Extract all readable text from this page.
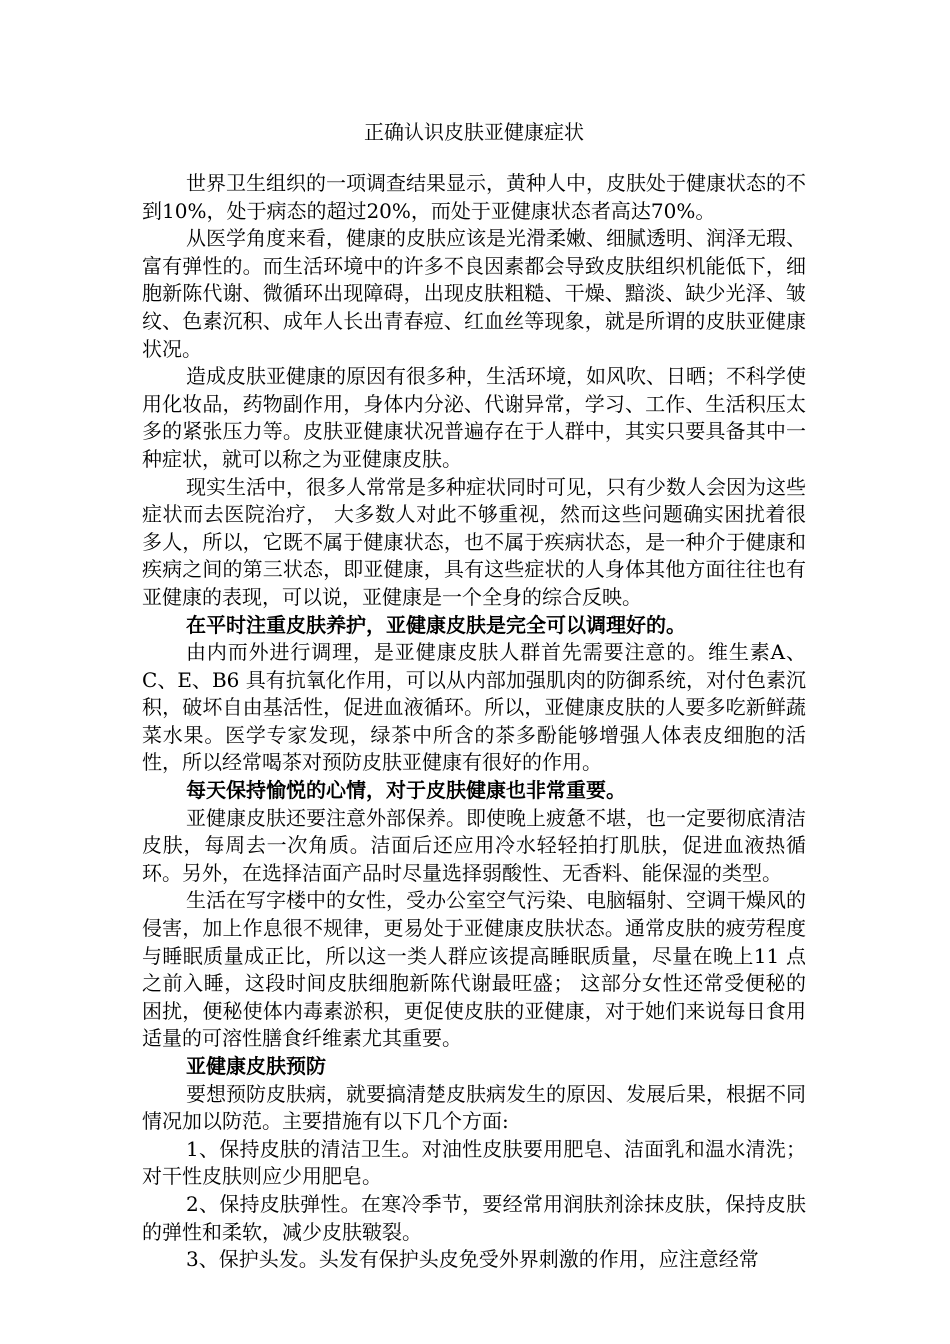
正确认识皮肤亚健康症状

世界卫生组织的一项调查结果显示，黄种人中，皮肤处于健康状态的不到10%，处于病态的超过20%，而处于亚健康状态者高达70%。

从医学角度来看，健康的皮肤应该是光滑柔嫩、细腻透明、润泽无瑕、富有弹性的。而生活环境中的许多不良因素都会导致皮肤组织机能低下，细胞新陈代谢、微循环出现障碍，出现皮肤粗糙、干燥、黯淡、缺少光泽、皱纹、色素沉积、成年人长出青春痘、红血丝等现象，就是所谓的皮肤亚健康状况。

造成皮肤亚健康的原因有很多种，生活环境，如风吹、日晒；不科学使用化妆品，药物副作用，身体内分泌、代谢异常，学习、工作、生活积压太多的紧张压力等。皮肤亚健康状况普遍存在于人群中，其实只要具备其中一种症状，就可以称之为亚健康皮肤。

现实生活中，很多人常常是多种症状同时可见，只有少数人会因为这些症状而去医院治疗， 大多数人对此不够重视，然而这些问题确实困扰着很多人，所以，它既不属于健康状态，也不属于疾病状态，是一种介于健康和疾病之间的第三状态，即亚健康，具有这些症状的人身体其他方面往往也有亚健康的表现，可以说，亚健康是一个全身的综合反映。

在平时注重皮肤养护，亚健康皮肤是完全可以调理好的。

由内而外进行调理，是亚健康皮肤人群首先需要注意的。维生素A、C、E、B6 具有抗氧化作用，可以从内部加强肌肉的防御系统，对付色素沉积，破坏自由基活性，促进血液循环。所以，亚健康皮肤的人要多吃新鲜蔬菜水果。医学专家发现，绿茶中所含的茶多酚能够增强人体表皮细胞的活性，所以经常喝茶对预防皮肤亚健康有很好的作用。

每天保持愉悦的心情，对于皮肤健康也非常重要。

亚健康皮肤还要注意外部保养。即使晚上疲惫不堪，也一定要彻底清洁皮肤，每周去一次角质。洁面后还应用冷水轻轻拍打肌肤，促进血液热循环。另外，在选择洁面产品时尽量选择弱酸性、无香料、能保湿的类型。

生活在写字楼中的女性，受办公室空气污染、电脑辐射、空调干燥风的侵害，加上作息很不规律，更易处于亚健康皮肤状态。通常皮肤的疲劳程度与睡眠质量成正比，所以这一类人群应该提高睡眠质量，尽量在晚上11 点之前入睡，这段时间皮肤细胞新陈代谢最旺盛； 这部分女性还常受便秘的困扰，便秘使体内毒素淤积，更促使皮肤的亚健康，对于她们来说每日食用适量的可溶性膳食纤维素尤其重要。

亚健康皮肤预防

要想预防皮肤病，就要搞清楚皮肤病发生的原因、发展后果，根据不同情况加以防范。主要措施有以下几个方面:

1、保持皮肤的清洁卫生。对油性皮肤要用肥皂、洁面乳和温水清洗；对干性皮肤则应少用肥皂。

2、保持皮肤弹性。在寒冷季节，要经常用润肤剂涂抹皮肤，保持皮肤的弹性和柔软，减少皮肤皲裂。

3、保护头发。头发有保护头皮免受外界刺激的作用，应注意经常
